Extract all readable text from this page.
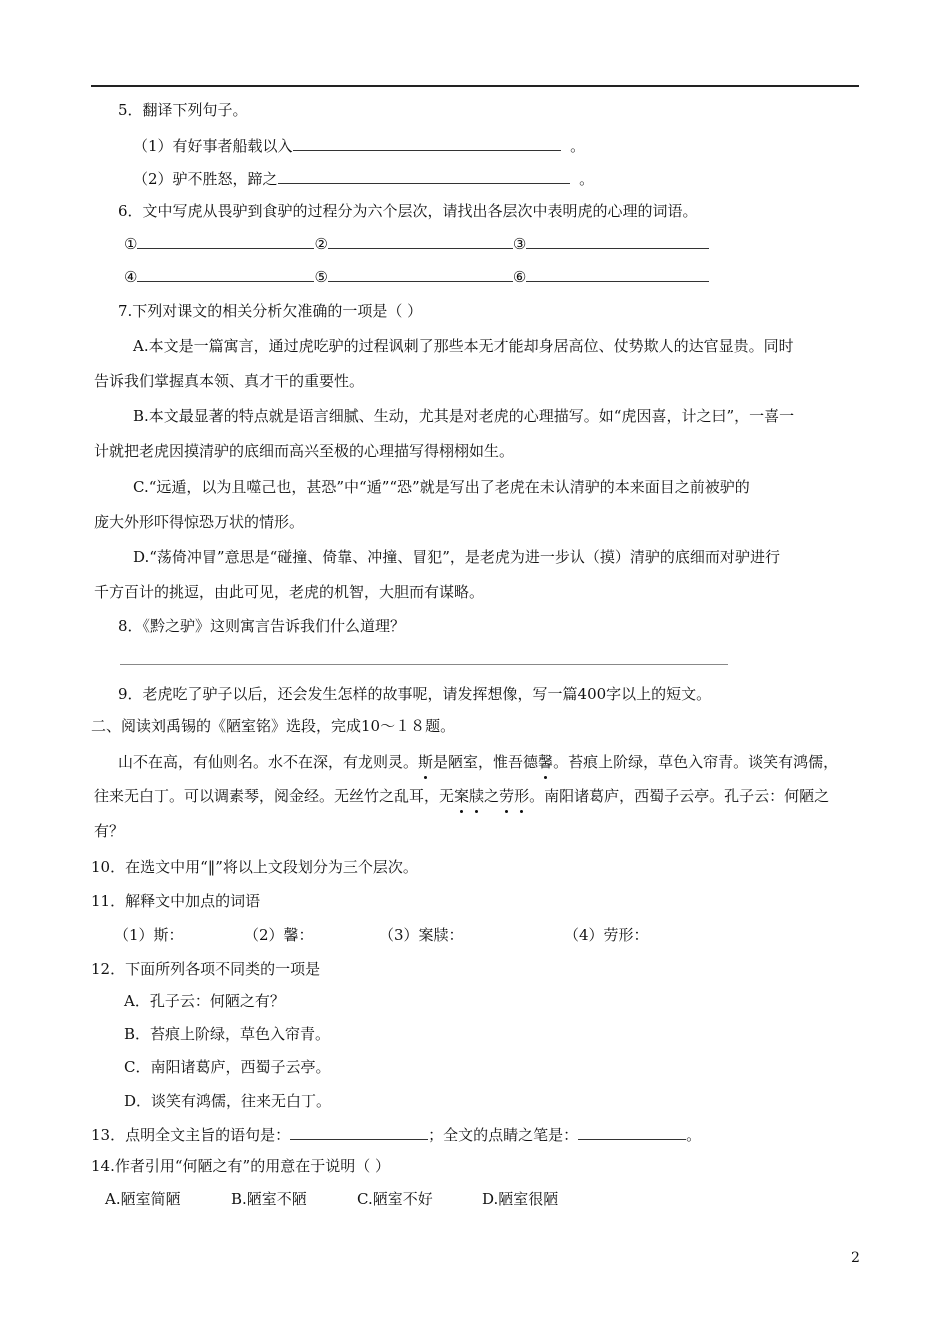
5．翻译下列句子。
（1）有好事者船载以入	。
（2）驴不胜怒，蹄之	。
6．文中写虎从畏驴到食驴的过程分为六个层次，请找出各层次中表明虎的心理的词语。
①	②	③
④	⑤	⑥
7.下列对课文的相关分析欠准确的一项是（ ）
A.本文是一篇寓言，通过虎吃驴的过程讽刺了那些本无才能却身居高位、仗势欺人的达官显贵。同时
告诉我们掌握真本领、真才干的重要性。
B.本文最显著的特点就是语言细腻、生动，尤其是对老虎的心理描写。如“虎因喜，计之曰”，一喜一
计就把老虎因摸清驴的底细而高兴至极的心理描写得栩栩如生。
C.“远遁，以为且噬己也，甚恐”中“遁”“恐”就是写出了老虎在未认清驴的本来面目之前被驴的
庞大外形吓得惊恐万状的情形。
D.“荡倚冲冒”意思是“碰撞、倚靠、冲撞、冒犯”，是老虎为进一步认（摸）清驴的底细而对驴进行
千方百计的挑逗，由此可见，老虎的机智，大胆而有谋略。
8．《黔之驴》这则寓言告诉我们什么道理？
9．老虎吃了驴子以后，还会发生怎样的故事呢，请发挥想像，写一篇400字以上的短文。
二、阅读刘禹锡的《陋室铭》选段，完成10～１８题。
山不在高，有仙则名。水不在深，有龙则灵。斯是陋室，惟吾德馨。苔痕上阶绿，草色入帘青。谈笑有鸿儒，
往来无白丁。可以调素琴，阅金经。无丝竹之乱耳，无案牍之劳形。南阳诸葛庐，西蜀子云亭。孔子云：何陋之
有？
10．在选文中用“‖”将以上文段划分为三个层次。
11．解释文中加点的词语
（1）斯：	（2）馨：	（3）案牍：	（4）劳形：
12．下面所列各项不同类的一项是
A．孔子云：何陋之有？
B．苔痕上阶绿，草色入帘青。
C．南阳诸葛庐，西蜀子云亭。
D．谈笑有鸿儒，往来无白丁。
13．点明全文主旨的语句是：	；全文的点睛之笔是：	。
14.作者引用“何陋之有”的用意在于说明（ ）
A.陋室简陋	B.陋室不陋	C.陋室不好	D.陋室很陋
2
